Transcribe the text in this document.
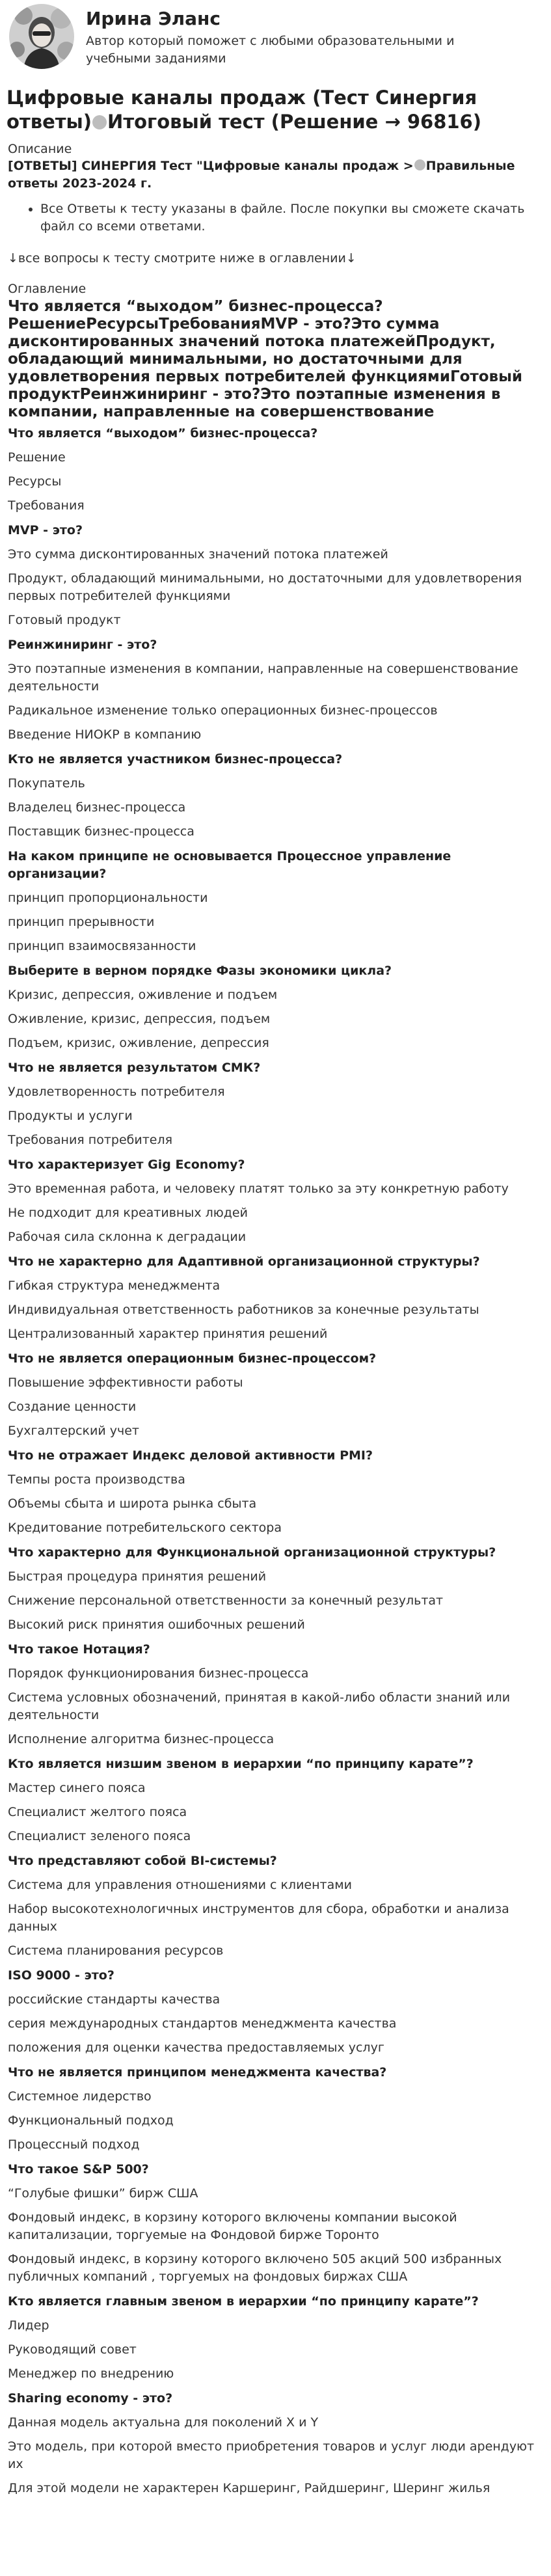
Ирина Эланс
Автор который поможет с любыми образовательными и учебными заданиями
Цифровые каналы продаж (Тест Синергия ответы) Итоговый тест (Решение → 96816)
Описание
[ОТВЕТЫ] СИНЕРГИЯ Тест "Цифровые каналы продаж > Правильные ответы 2023-2024 г.
• Все Ответы к тесту указаны в файле. После покупки вы сможете скачать файл со всеми ответами.
↓все вопросы к тесту смотрите ниже в оглавлении↓
Оглавление
Что является “выходом” бизнес-процесса?РешениеРесурсыТребованияMVP - это?Это сумма дисконтированных значений потока платежейПродукт, обладающий минимальными, но достаточными для удовлетворения первых потребителей функциямиГотовый продуктРеинжиниринг - это?Это поэтапные изменения в компании, направленные на совершенствование
Что является “выходом” бизнес-процесса?
Решение
Ресурсы
Требования
MVP - это?
Это сумма дисконтированных значений потока платежей
Продукт, обладающий минимальными, но достаточными для удовлетворения первых потребителей функциями
Готовый продукт
Реинжиниринг - это?
Это поэтапные изменения в компании, направленные на совершенствование деятельности
Радикальное изменение только операционных бизнес-процессов
Введение НИОКР в компанию
Кто не является участником бизнес-процесса?
Покупатель
Владелец бизнес-процесса
Поставщик бизнес-процесса
На каком принципе не основывается Процессное управление организации?
принцип пропорциональности
принцип прерывности
принцип взаимосвязанности
Выберите в верном порядке Фазы экономики цикла?
Кризис, депрессия, оживление и подъем
Оживление, кризис, депрессия, подъем
Подъем, кризис, оживление, депрессия
Что не является результатом СМК?
Удовлетворенность потребителя
Продукты и услуги
Требования потребителя
Что характеризует Gig Economy?
Это временная работа, и человеку платят только за эту конкретную работу
Не подходит для креативных людей
Рабочая сила склонна к деградации
Что не характерно для Адаптивной организационной структуры?
Гибкая структура менеджмента
Индивидуальная ответственность работников за конечные результаты
Централизованный характер принятия решений
Что не является операционным бизнес-процессом?
Повышение эффективности работы
Создание ценности
Бухгалтерский учет
Что не отражает Индекс деловой активности PMI?
Темпы роста производства
Объемы сбыта и широта рынка сбыта
Кредитование потребительского сектора
Что характерно для Функциональной организационной структуры?
Быстрая процедура принятия решений
Снижение персональной ответственности за конечный результат
Высокий риск принятия ошибочных решений
Что такое Нотация?
Порядок функционирования бизнес-процесса
Система условных обозначений, принятая в какой-либо области знаний или деятельности
Исполнение алгоритма бизнес-процесса
Кто является низшим звеном в иерархии “по принципу карате”?
Мастер синего пояса
Специалист желтого пояса
Специалист зеленого пояса
Что представляют собой BI-системы?
Система для управления отношениями с клиентами
Набор высокотехнологичных инструментов для сбора, обработки и анализа данных
Система планирования ресурсов
ISO 9000 - это?
российские стандарты качества
серия международных стандартов менеджмента качества
положения для оценки качества предоставляемых услуг
Что не является принципом менеджмента качества?
Системное лидерство
Функциональный подход
Процессный подход
Что такое S&P 500?
“Голубые фишки” бирж США
Фондовый индекс, в корзину которого включены компании высокой капитализации, торгуемые на Фондовой бирже Торонто
Фондовый индекс, в корзину которого включено 505 акций 500 избранных публичных компаний , торгуемых на фондовых биржах США
Кто является главным звеном в иерархии “по принципу карате”?
Лидер
Руководящий совет
Менеджер по внедрению
Sharing economy - это?
Данная модель актуальна для поколений X и Y
Это модель, при которой вместо приобретения товаров и услуг люди арендуют их
Для этой модели не характерен Каршеринг, Райдшеринг, Шеринг жилья
